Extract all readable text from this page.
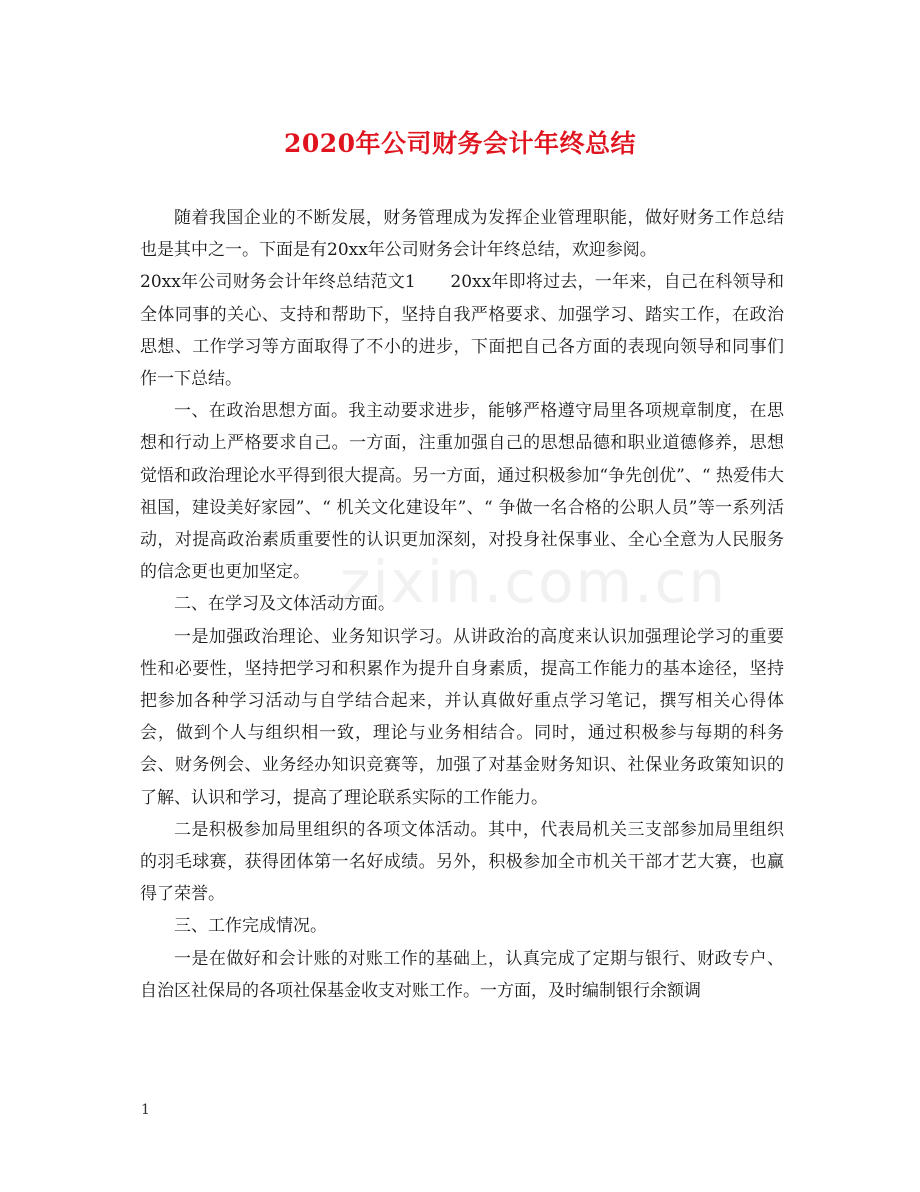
2020年公司财务会计年终总结

随着我国企业的不断发展，财务管理成为发挥企业管理职能，做好财务工作总结也是其中之一。下面是有20xx年公司财务会计年终总结，欢迎参阅。

20xx年公司财务会计年终总结范文1　　20xx年即将过去，一年来，自己在科领导和全体同事的关心、支持和帮助下，坚持自我严格要求、加强学习、踏实工作，在政治思想、工作学习等方面取得了不小的进步，下面把自己各方面的表现向领导和同事们作一下总结。

一、在政治思想方面。我主动要求进步，能够严格遵守局里各项规章制度，在思想和行动上严格要求自己。一方面，注重加强自己的思想品德和职业道德修养，思想觉悟和政治理论水平得到很大提高。另一方面，通过积极参加“争先创优”、“ 热爱伟大祖国，建设美好家园”、“ 机关文化建设年”、“ 争做一名合格的公职人员”等一系列活动，对提高政治素质重要性的认识更加深刻，对投身社保事业、全心全意为人民服务的信念更也更加坚定。

二、在学习及文体活动方面。

一是加强政治理论、业务知识学习。从讲政治的高度来认识加强理论学习的重要性和必要性，坚持把学习和积累作为提升自身素质，提高工作能力的基本途径，坚持把参加各种学习活动与自学结合起来，并认真做好重点学习笔记，撰写相关心得体会，做到个人与组织相一致，理论与业务相结合。同时，通过积极参与每期的科务会、财务例会、业务经办知识竞赛等，加强了对基金财务知识、社保业务政策知识的了解、认识和学习，提高了理论联系实际的工作能力。

二是积极参加局里组织的各项文体活动。其中，代表局机关三支部参加局里组织的羽毛球赛，获得团体第一名好成绩。另外，积极参加全市机关干部才艺大赛，也赢得了荣誉。

三、工作完成情况。

一是在做好和会计账的对账工作的基础上，认真完成了定期与银行、财政专户、自治区社保局的各项社保基金收支对账工作。一方面，及时编制银行余额调

zixin.com.cn
1
